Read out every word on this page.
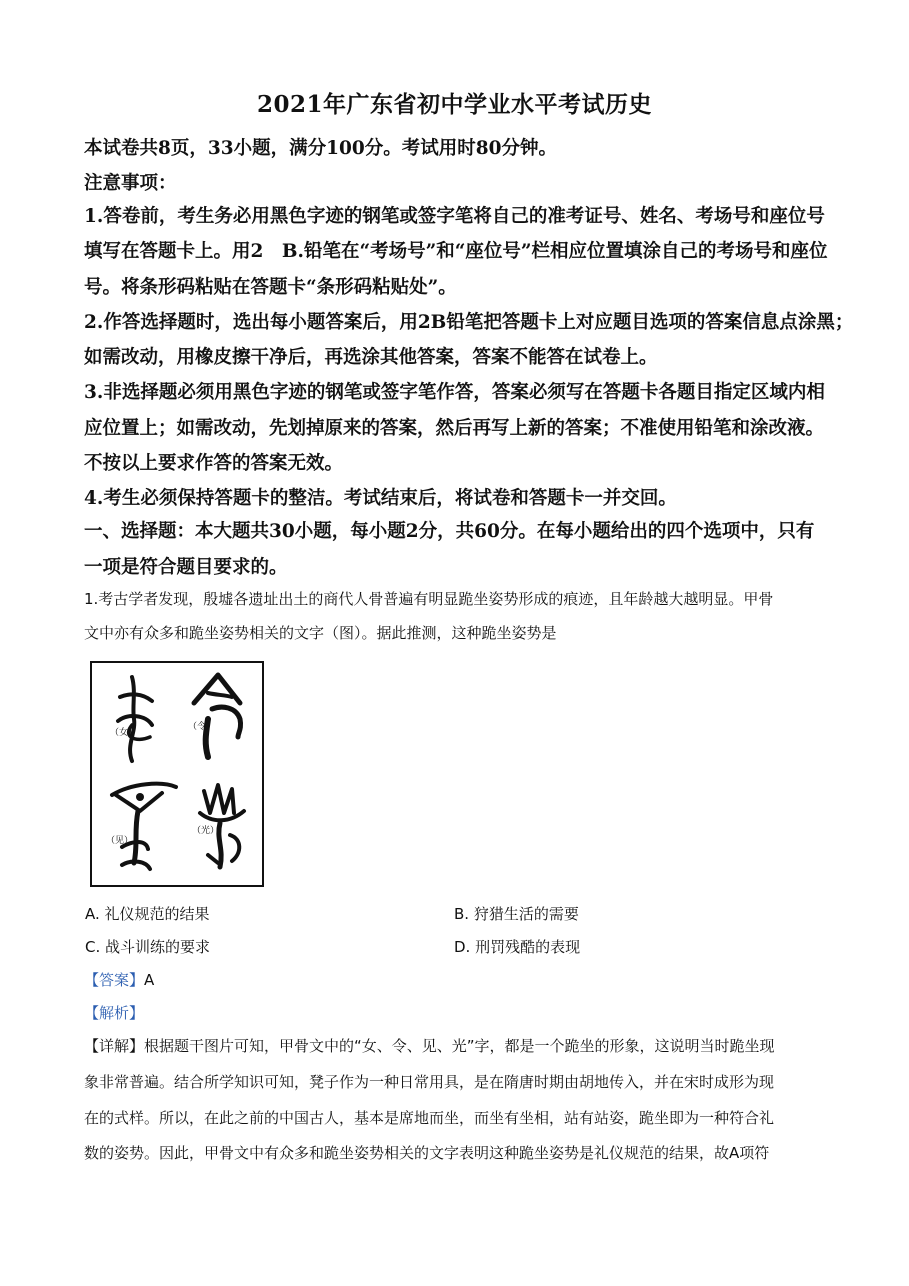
2021年广东省初中学业水平考试历史
本试卷共8页，33小题，满分100分。考试用时80分钟。
注意事项：
1.答卷前，考生务必用黑色字迹的钢笔或签字笔将自己的准考证号、姓名、考场号和座位号
填写在答题卡上。用2　B.铅笔在“考场号”和“座位号”栏相应位置填涂自己的考场号和座位
号。将条形码粘贴在答题卡“条形码粘贴处”。
2.作答选择题时，选出每小题答案后，用2B铅笔把答题卡上对应题目选项的答案信息点涂黑；
如需改动，用橡皮擦干净后，再选涂其他答案，答案不能答在试卷上。
3.非选择题必须用黑色字迹的钢笔或签字笔作答，答案必须写在答题卡各题目指定区域内相
应位置上；如需改动，先划掉原来的答案，然后再写上新的答案；不准使用铅笔和涂改液。
不按以上要求作答的答案无效。
4.考生必须保持答题卡的整洁。考试结束后，将试卷和答题卡一并交回。
一、选择题：本大题共30小题，每小题2分，共60分。在每小题给出的四个选项中，只有
一项是符合题目要求的。
1.考古学者发现，殷墟各遗址出土的商代人骨普遍有明显跪坐姿势形成的痕迹，且年龄越大越明显。甲骨
文中亦有众多和跪坐姿势相关的文字（图）。据此推测，这种跪坐姿势是
（女）
（令）
（见）
（光）
A. 礼仪规范的结果	B. 狩猎生活的需要
C. 战斗训练的要求	D. 刑罚残酷的表现
【答案】A
【解析】
【详解】根据题干图片可知，甲骨文中的“女、令、见、光”字，都是一个跪坐的形象，这说明当时跪坐现
象非常普遍。结合所学知识可知，凳子作为一种日常用具，是在隋唐时期由胡地传入，并在宋时成形为现
在的式样。所以，在此之前的中国古人，基本是席地而坐，而坐有坐相，站有站姿，跪坐即为一种符合礼
数的姿势。因此，甲骨文中有众多和跪坐姿势相关的文字表明这种跪坐姿势是礼仪规范的结果，故A项符
